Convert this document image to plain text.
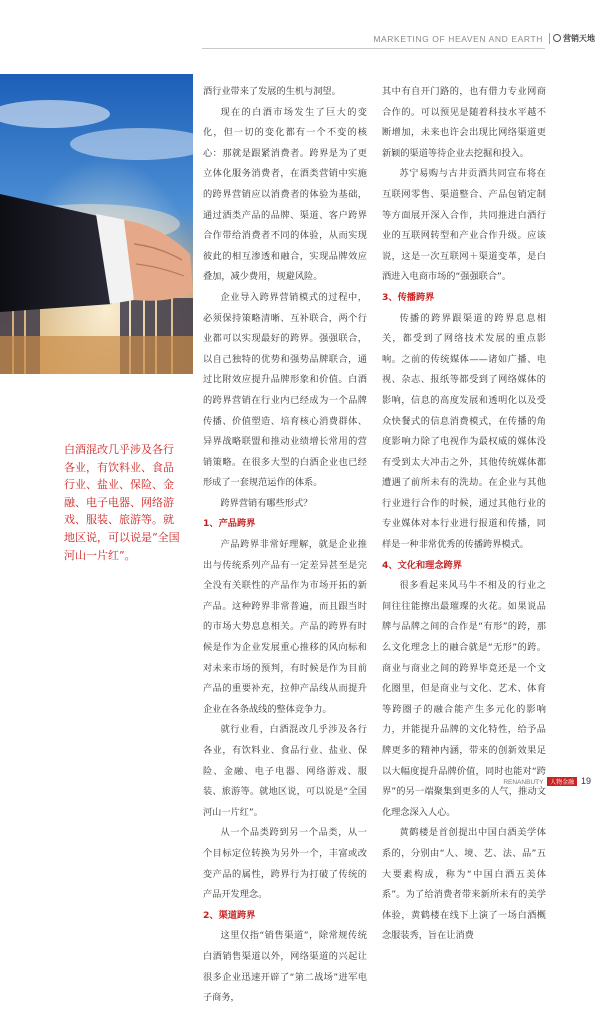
MARKETING OF HEAVEN AND EARTH	营销天地

白酒混改几乎涉及各行各业，有饮料业、食品行业、盐业、保险、金融、电子电器、网络游戏、服装、旅游等。就地区说，可以说是“全国河山一片红”。

酒行业带来了发展的生机与洞望。

现在的白酒市场发生了巨大的变化，但一切的变化都有一个不变的核心：那就是跟紧消费者。跨界是为了更立体化服务消费者，在酒类营销中实施的跨界营销应以消费者的体验为基础，通过酒类产品的品牌、渠道、客户跨界合作带给消费者不同的体验，从而实现彼此的相互渗透和融合，实现品牌效应叠加，减少费用，规避风险。

企业导入跨界营销模式的过程中，必须保持策略清晰、互补联合，两个行业都可以实现最好的跨界。强强联合，以自己独特的优势和强势品牌联合，通过比附效应提升品牌形象和价值。白酒的跨界营销在行业内已经成为一个品牌传播、价值塑造、培育核心消费群体、异界战略联盟和推动业绩增长常用的营销策略。在很多大型的白酒企业也已经形成了一套规范运作的体系。

跨界营销有哪些形式？

1、产品跨界

产品跨界非常好理解，就是企业推出与传统系列产品有一定差异甚至是完全没有关联性的产品作为市场开拓的新产品。这种跨界非常普遍，而且跟当时的市场大势息息相关。产品的跨界有时候是作为企业发展重心推移的风向标和对未来市场的预判，有时候是作为目前产品的重要补充，拉伸产品线从而提升企业在各条战线的整体竞争力。

就行业看，白酒混改几乎涉及各行各业，有饮料业、食品行业、盐业、保险、金融、电子电器、网络游戏、服装、旅游等。就地区说，可以说是“全国河山一片红”。

从一个品类跨到另一个品类，从一个目标定位转换为另外一个，丰富或改变产品的属性，跨界行为打破了传统的产品开发理念。

2、渠道跨界

这里仅指“销售渠道”，除常规传统白酒销售渠道以外，网络渠道的兴起让很多企业迅速开辟了“第二战场”进军电子商务，

其中有自开门路的，也有借力专业网商合作的。可以预见是随着科技水平越不断增加，未来也许会出现比网络渠道更新颖的渠道等待企业去挖掘和投入。

苏宁易购与古井贡酒共同宣布将在互联网零售、渠道整合、产品包销定制等方面展开深入合作，共同推进白酒行业的互联网转型和产业合作升级。应该说，这是一次互联网＋渠道变革，是白酒进入电商市场的“强强联合”。

3、传播跨界

传播的跨界跟渠道的跨界息息相关，都受到了网络技术发展的重点影响。之前的传统媒体——诸如广播、电视、杂志、报纸等都受到了网络媒体的影响，信息的高度发展和透明化以及受众快餐式的信息消费模式，在传播的角度影响力除了电视作为最权威的媒体没有受到太大冲击之外，其他传统媒体都遭遇了前所未有的洗劫。在企业与其他行业进行合作的时候，通过其他行业的专业媒体对本行业进行报道和传播，同样是一种非常优秀的传播跨界模式。

4、文化和理念跨界

很多看起来风马牛不相及的行业之间往往能擦出最璀璨的火花。如果说品牌与品牌之间的合作是“有形”的跨，那么文化理念上的融合就是“无形”的跨。商业与商业之间的跨界毕竟还是一个文化圈里，但是商业与文化、艺术、体育等跨圈子的融合能产生多元化的影响力，并能提升品牌的文化特性，给予品牌更多的精神内涵，带来的创新效果足以大幅度提升品牌价值，同时也能对“跨界”的另一端聚集到更多的人气，推动文化理念深入人心。

黄鹤楼是首创提出中国白酒美学体系的，分别由“人、境、艺、法、品”五大要素构成，称为“中国白酒五美体系”。为了给消费者带来新所未有的美学体验，黄鹤楼在线下上演了一场白酒概念服装秀，旨在让消费

RENANBUTY 人物金融 19
